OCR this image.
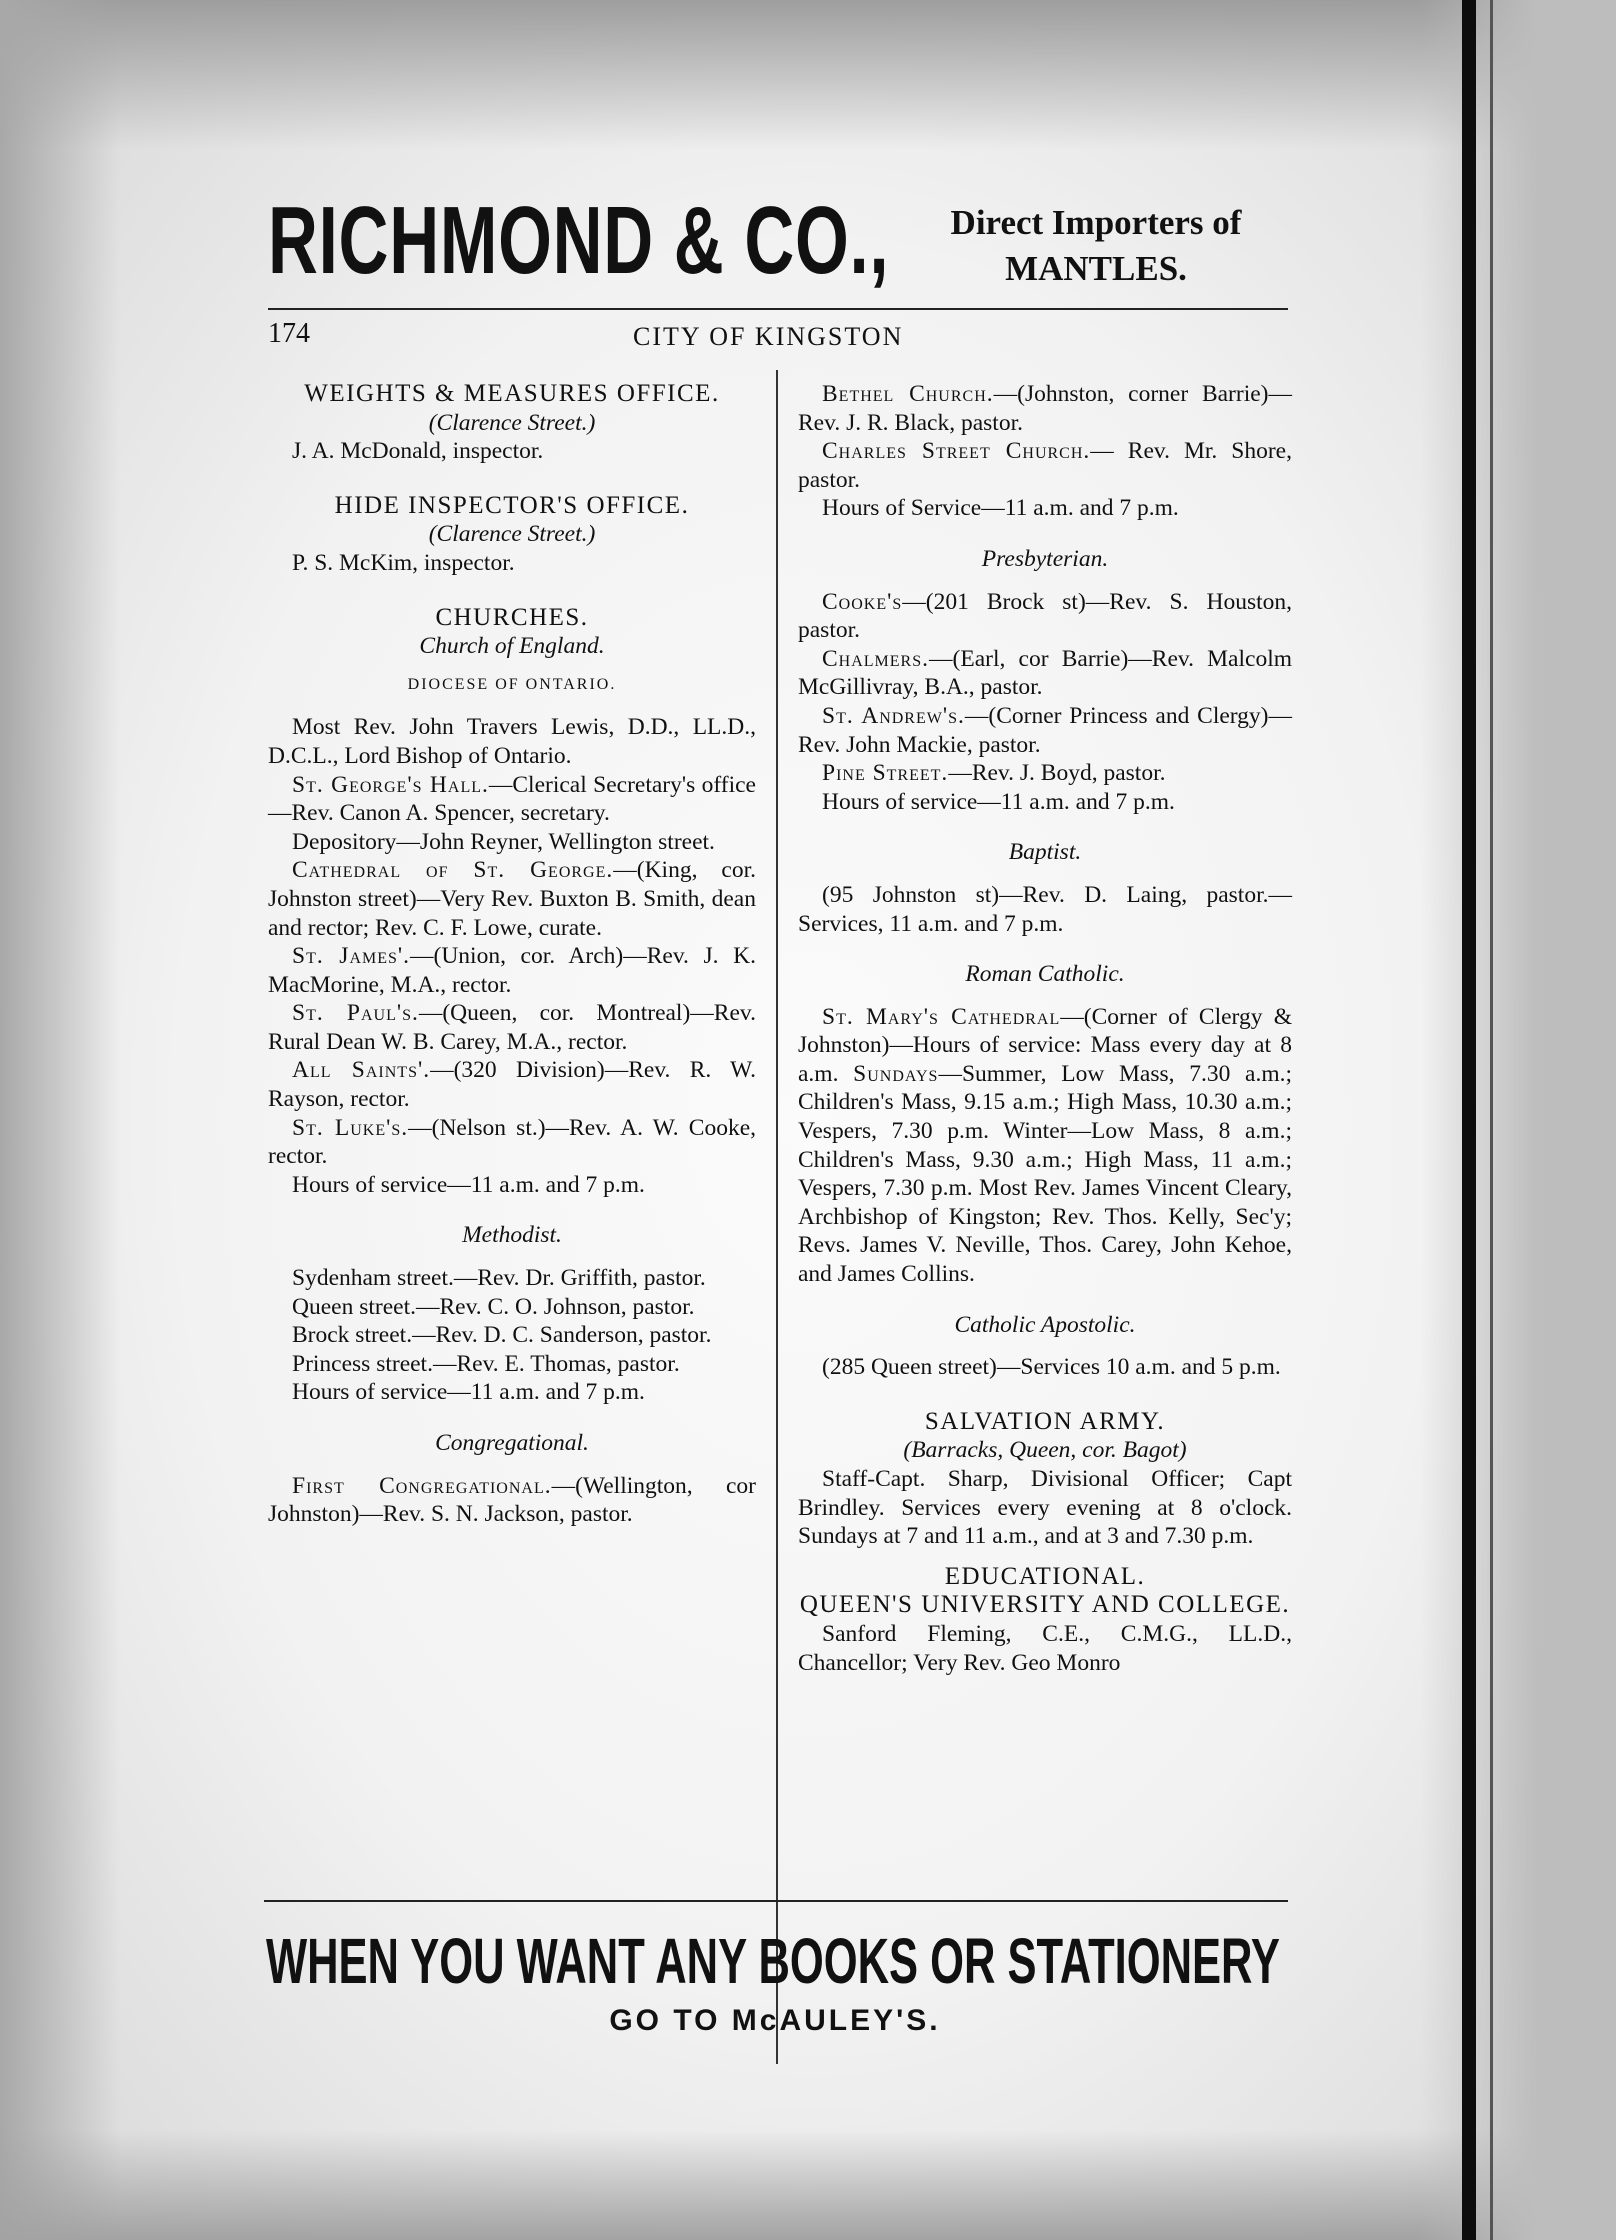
RICHMOND & CO.,	Direct Importers of
MANTLES.
174	CITY OF KINGSTON
WEIGHTS & MEASURES OFFICE.
(Clarence Street.)
J. A. McDonald, inspector.
HIDE INSPECTOR'S OFFICE.
(Clarence Street.)
P. S. McKim, inspector.
CHURCHES.
Church of England.
DIOCESE OF ONTARIO.
Most Rev. John Travers Lewis, D.D., LL.D., D.C.L., Lord Bishop of Ontario.
St. George's Hall.—Clerical Secretary's office—Rev. Canon A. Spencer, secretary.
Depository—John Reyner, Wellington street.
Cathedral of St. George.—(King, cor. Johnston street)—Very Rev. Buxton B. Smith, dean and rector; Rev. C. F. Lowe, curate.
St. James'.—(Union, cor. Arch)—Rev. J. K. MacMorine, M.A., rector.
St. Paul's.—(Queen, cor. Montreal)—Rev. Rural Dean W. B. Carey, M.A., rector.
All Saints'.—(320 Division)—Rev. R. W. Rayson, rector.
St. Luke's.—(Nelson st.)—Rev. A. W. Cooke, rector.
Hours of service—11 a.m. and 7 p.m.
Methodist.
Sydenham street.—Rev. Dr. Griffith, pastor.
Queen street.—Rev. C. O. Johnson, pastor.
Brock street.—Rev. D. C. Sanderson, pastor.
Princess street.—Rev. E. Thomas, pastor.
Hours of service—11 a.m. and 7 p.m.
Congregational.
First Congregational.—(Wellington, cor Johnston)—Rev. S. N. Jackson, pastor.
Bethel Church.—(Johnston, corner Barrie)—Rev. J. R. Black, pastor.
Charles Street Church.— Rev. Mr. Shore, pastor.
Hours of Service—11 a.m. and 7 p.m.
Presbyterian.
Cooke's—(201 Brock st)—Rev. S. Houston, pastor.
Chalmers.—(Earl, cor Barrie)—Rev. Malcolm McGillivray, B.A., pastor.
St. Andrew's.—(Corner Princess and Clergy)—Rev. John Mackie, pastor.
Pine Street.—Rev. J. Boyd, pastor.
Hours of service—11 a.m. and 7 p.m.
Baptist.
(95 Johnston st)—Rev. D. Laing, pastor.—Services, 11 a.m. and 7 p.m.
Roman Catholic.
St. Mary's Cathedral—(Corner of Clergy & Johnston)—Hours of service: Mass every day at 8 a.m. Sundays—Summer, Low Mass, 7.30 a.m.; Children's Mass, 9.15 a.m.; High Mass, 10.30 a.m.; Vespers, 7.30 p.m. Winter—Low Mass, 8 a.m.; Children's Mass, 9.30 a.m.; High Mass, 11 a.m.; Vespers, 7.30 p.m. Most Rev. James Vincent Cleary, Archbishop of Kingston; Rev. Thos. Kelly, Sec'y; Revs. James V. Neville, Thos. Carey, John Kehoe, and James Collins.
Catholic Apostolic.
(285 Queen street)—Services 10 a.m. and 5 p.m.
SALVATION ARMY.
(Barracks, Queen, cor. Bagot)
Staff-Capt. Sharp, Divisional Officer; Capt Brindley. Services every evening at 8 o'clock. Sundays at 7 and 11 a.m., and at 3 and 7.30 p.m.
EDUCATIONAL.
QUEEN'S UNIVERSITY AND COLLEGE.
Sanford Fleming, C.E., C.M.G., LL.D., Chancellor; Very Rev. Geo Monro
WHEN YOU WANT ANY BOOKS OR STATIONERY
GO TO McAULEY'S.
